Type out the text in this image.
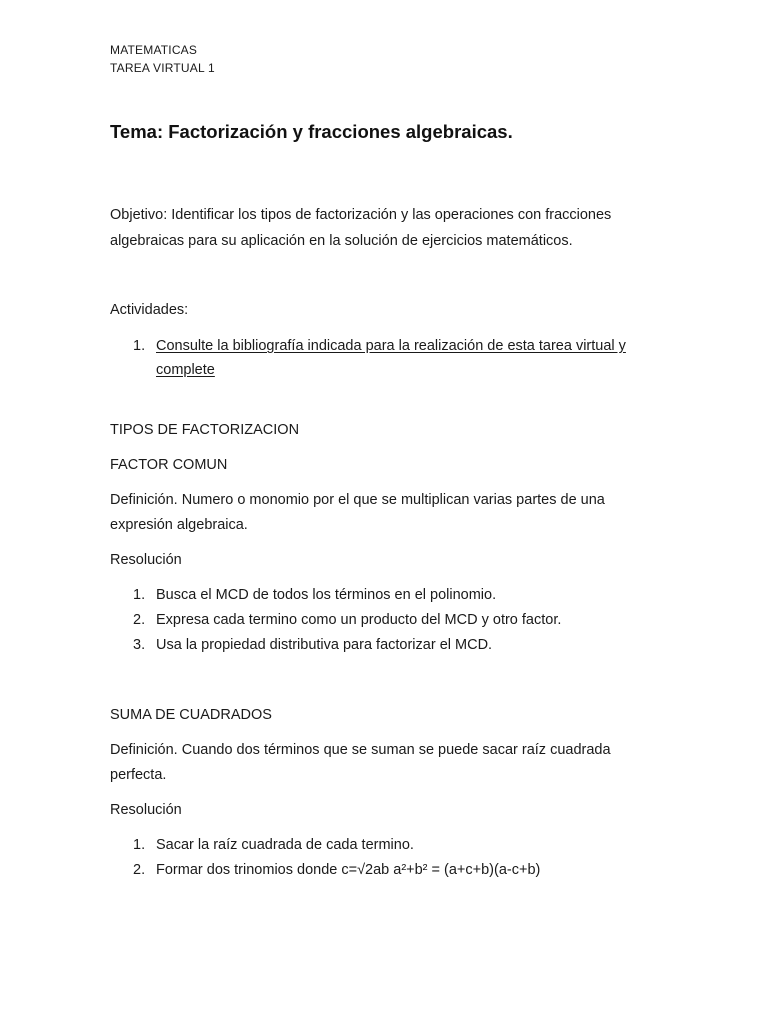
MATEMATICAS
TAREA VIRTUAL 1
Tema: Factorización y fracciones algebraicas.
Objetivo: Identificar los tipos de factorización y las operaciones con fracciones
algebraicas para su aplicación en la solución de ejercicios matemáticos.
Actividades:
1. Consulte la bibliografía indicada para la realización de esta tarea virtual y
complete
TIPOS DE FACTORIZACION
FACTOR COMUN
Definición. Numero o monomio por el que se multiplican varias partes de una
expresión algebraica.
Resolución
1. Busca el MCD de todos los términos en el polinomio.
2. Expresa cada termino como un producto del MCD y otro factor.
3. Usa la propiedad distributiva para factorizar el MCD.
SUMA DE CUADRADOS
Definición. Cuando dos términos que se suman se puede sacar raíz cuadrada
perfecta.
Resolución
1. Sacar la raíz cuadrada de cada termino.
2. Formar dos trinomios donde c=√2ab a²+b² = (a+c+b)(a-c+b)
